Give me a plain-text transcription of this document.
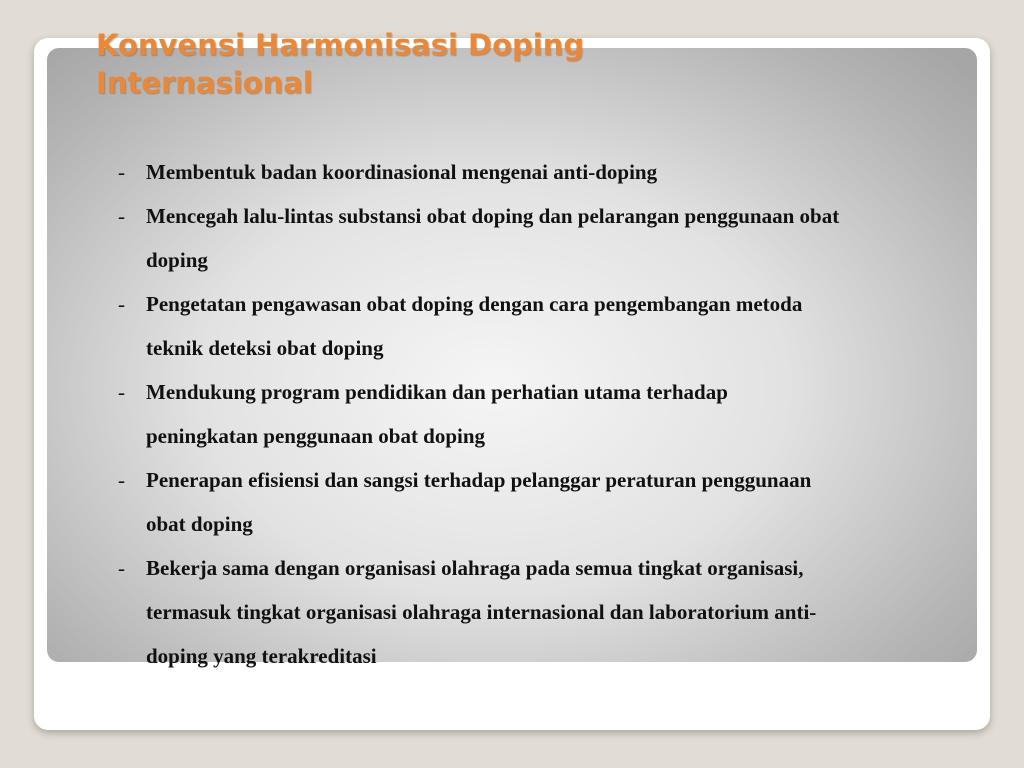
Konvensi Harmonisasi Doping
Internasional
-	Membentuk badan koordinasional mengenai anti-doping
-	Mencegah lalu-lintas substansi obat doping dan pelarangan penggunaan obat doping
-	Pengetatan pengawasan obat doping dengan cara pengembangan metoda teknik deteksi obat doping
-	Mendukung program pendidikan dan perhatian utama terhadap peningkatan penggunaan obat doping
-	Penerapan efisiensi dan sangsi terhadap pelanggar peraturan penggunaan obat doping
-	Bekerja sama dengan organisasi olahraga pada semua tingkat organisasi, termasuk tingkat organisasi olahraga internasional dan laboratorium anti-doping yang terakreditasi
